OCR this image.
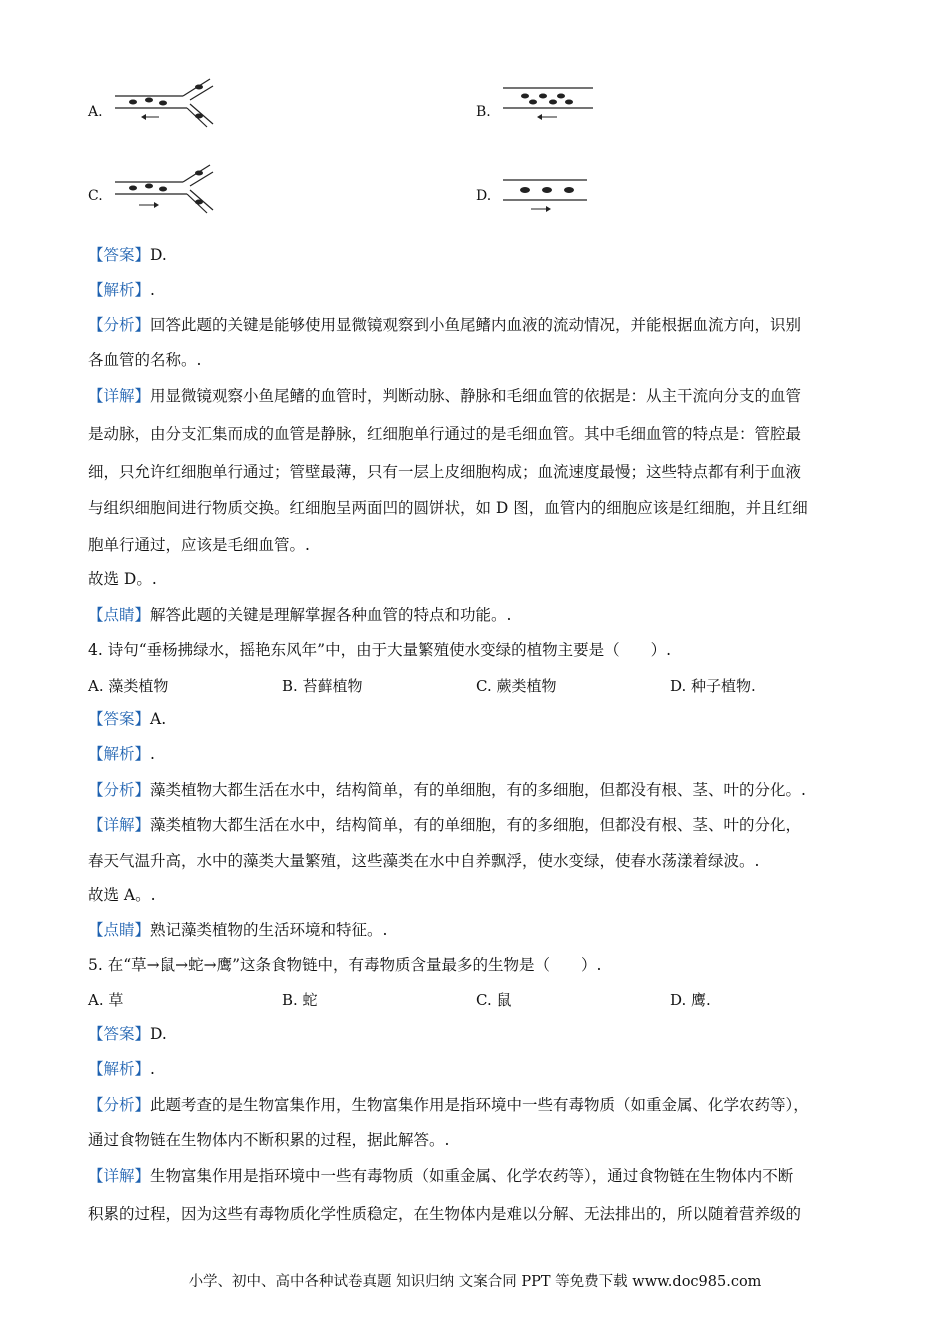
A.	B.
C.	D.
【答案】D.
【解析】.
【分析】回答此题的关键是能够使用显微镜观察到小鱼尾鳍内血液的流动情况，并能根据血流方向，识别
各血管的名称。.
【详解】用显微镜观察小鱼尾鳍的血管时，判断动脉、静脉和毛细血管的依据是：从主干流向分支的血管
是动脉，由分支汇集而成的血管是静脉，红细胞单行通过的是毛细血管。其中毛细血管的特点是：管腔最
细，只允许红细胞单行通过；管壁最薄，只有一层上皮细胞构成；血流速度最慢；这些特点都有利于血液
与组织细胞间进行物质交换。红细胞呈两面凹的圆饼状，如 D 图，血管内的细胞应该是红细胞，并且红细
胞单行通过，应该是毛细血管。.
故选 D。.
【点睛】解答此题的关键是理解掌握各种血管的特点和功能。.
4. 诗句“垂杨拂绿水，摇艳东风年”中，由于大量繁殖使水变绿的植物主要是（　　）.
A. 藻类植物	B. 苔藓植物	C. 蕨类植物	D. 种子植物.
【答案】A.
【解析】.
【分析】藻类植物大都生活在水中，结构简单，有的单细胞，有的多细胞，但都没有根、茎、叶的分化。.
【详解】藻类植物大都生活在水中，结构简单，有的单细胞，有的多细胞，但都没有根、茎、叶的分化，
春天气温升高，水中的藻类大量繁殖，这些藻类在水中自养飘浮，使水变绿，使春水荡漾着绿波。.
故选 A。.
【点睛】熟记藻类植物的生活环境和特征。.
5. 在“草→鼠→蛇→鹰”这条食物链中，有毒物质含量最多的生物是（　　）.
A. 草	B. 蛇	C. 鼠	D. 鹰.
【答案】D.
【解析】.
【分析】此题考查的是生物富集作用，生物富集作用是指环境中一些有毒物质（如重金属、化学农药等），
通过食物链在生物体内不断积累的过程，据此解答。.
【详解】生物富集作用是指环境中一些有毒物质（如重金属、化学农药等），通过食物链在生物体内不断
积累的过程，因为这些有毒物质化学性质稳定，在生物体内是难以分解、无法排出的，所以随着营养级的
小学、初中、高中各种试卷真题 知识归纳 文案合同 PPT 等免费下载 www.doc985.com
